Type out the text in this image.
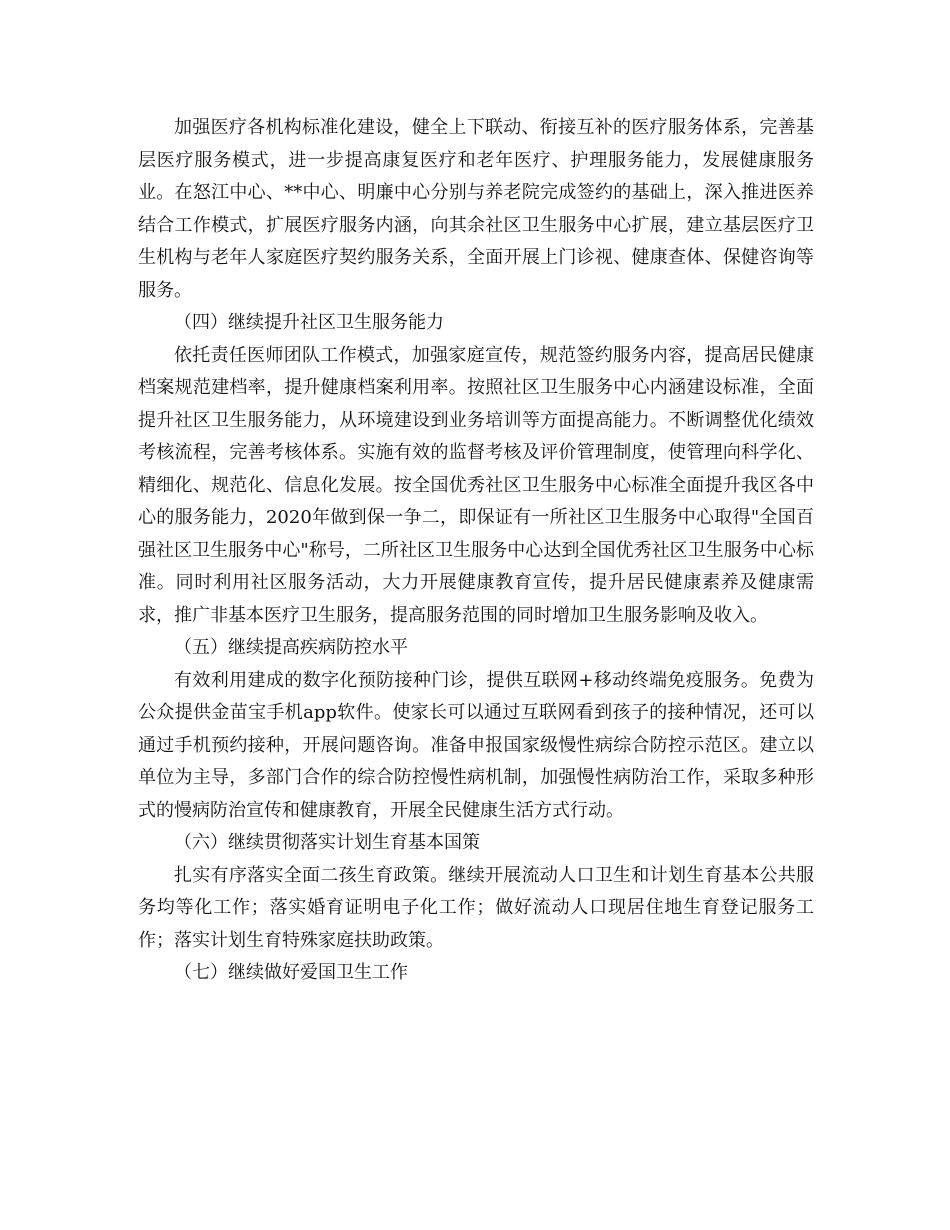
加强医疗各机构标准化建设，健全上下联动、衔接互补的医疗服务体系，完善基层医疗服务模式，进一步提高康复医疗和老年医疗、护理服务能力，发展健康服务业。在怒江中心、**中心、明廉中心分别与养老院完成签约的基础上，深入推进医养结合工作模式，扩展医疗服务内涵，向其余社区卫生服务中心扩展，建立基层医疗卫生机构与老年人家庭医疗契约服务关系，全面开展上门诊视、健康查体、保健咨询等服务。

（四）继续提升社区卫生服务能力

依托责任医师团队工作模式，加强家庭宣传，规范签约服务内容，提高居民健康档案规范建档率，提升健康档案利用率。按照社区卫生服务中心内涵建设标准，全面提升社区卫生服务能力，从环境建设到业务培训等方面提高能力。不断调整优化绩效考核流程，完善考核体系。实施有效的监督考核及评价管理制度，使管理向科学化、精细化、规范化、信息化发展。按全国优秀社区卫生服务中心标准全面提升我区各中心的服务能力，2020年做到保一争二，即保证有一所社区卫生服务中心取得"全国百强社区卫生服务中心"称号，二所社区卫生服务中心达到全国优秀社区卫生服务中心标准。同时利用社区服务活动，大力开展健康教育宣传，提升居民健康素养及健康需求，推广非基本医疗卫生服务，提高服务范围的同时增加卫生服务影响及收入。

（五）继续提高疾病防控水平

有效利用建成的数字化预防接种门诊，提供互联网+移动终端免疫服务。免费为公众提供金苗宝手机app软件。使家长可以通过互联网看到孩子的接种情况，还可以通过手机预约接种，开展问题咨询。准备申报国家级慢性病综合防控示范区。建立以单位为主导，多部门合作的综合防控慢性病机制，加强慢性病防治工作，采取多种形式的慢病防治宣传和健康教育，开展全民健康生活方式行动。

（六）继续贯彻落实计划生育基本国策

扎实有序落实全面二孩生育政策。继续开展流动人口卫生和计划生育基本公共服务均等化工作；落实婚育证明电子化工作；做好流动人口现居住地生育登记服务工作；落实计划生育特殊家庭扶助政策。

（七）继续做好爱国卫生工作
